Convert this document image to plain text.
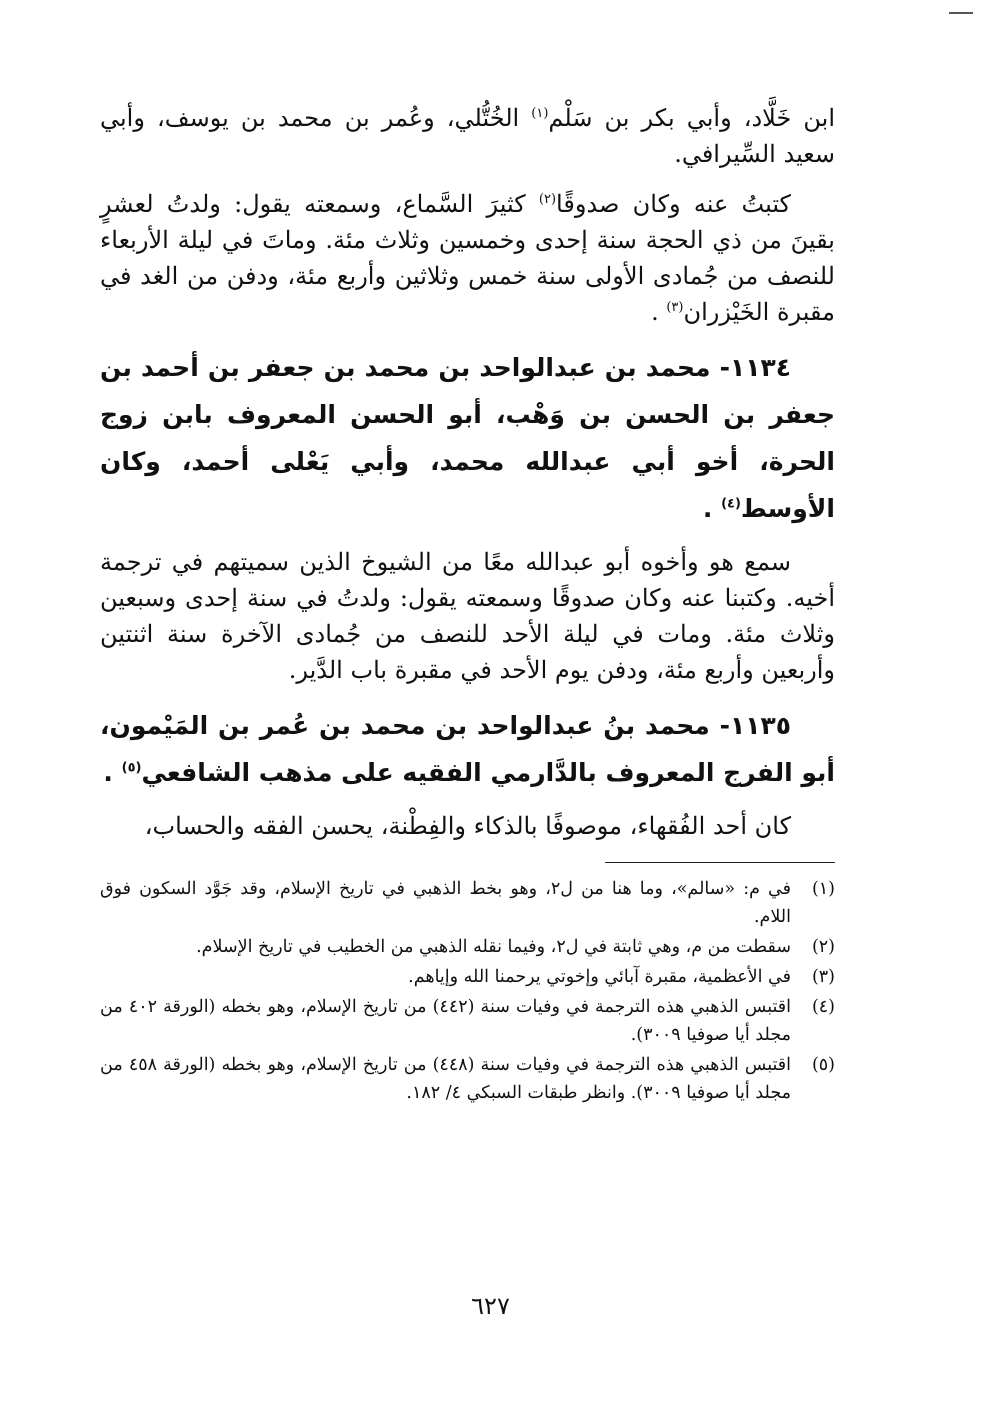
ابن خَلَّاد، وأبي بكر بن سَلْم$^{(١)}$ الخُتُّلي، وعُمر بن محمد بن يوسف، وأبي سعيد السِّيرافي.

كتبتُ عنه وكان صدوقًا$^{(٢)}$ كثيرَ السَّماع، وسمعته يقول: ولدتُ لعشرٍ بقينَ من ذي الحجة سنة إحدى وخمسين وثلاث مئة. وماتَ في ليلة الأربعاء للنصف من جُمادى الأولى سنة خمس وثلاثين وأربع مئة، ودفن من الغد في مقبرة الخَيْزران$^{(٣)}$ .

١١٣٤- محمد بن عبدالواحد بن محمد بن جعفر بن أحمد بن جعفر بن الحسن بن وَهْب، أبو الحسن المعروف بابن زوج الحرة، أخو أبي عبدالله محمد، وأبي يَعْلى أحمد، وكان الأوسط$^{(٤)}$ .

سمع هو وأخوه أبو عبدالله معًا من الشيوخ الذين سميتهم في ترجمة أخيه. وكتبنا عنه وكان صدوقًا وسمعته يقول: ولدتُ في سنة إحدى وسبعين وثلاث مئة. ومات في ليلة الأحد للنصف من جُمادى الآخرة سنة اثنتين وأربعين وأربع مئة، ودفن يوم الأحد في مقبرة باب الدَّير.

١١٣٥- محمد بنُ عبدالواحد بن محمد بن عُمر بن المَيْمون، أبو الفرج المعروف بالدَّارمي الفقيه على مذهب الشافعي$^{(٥)}$ .

كان أحد الفُقهاء، موصوفًا بالذكاء والفِطْنة، يحسن الفقه والحساب،

(١)
في م: «سالم»، وما هنا من ل٢، وهو بخط الذهبي في تاريخ الإسلام، وقد جَوَّد السكون فوق اللام.
(٢)
سقطت من م، وهي ثابتة في ل٢، وفيما نقله الذهبي من الخطيب في تاريخ الإسلام.
(٣)
في الأعظمية، مقبرة آبائي وإخوتي يرحمنا الله وإياهم.
(٤)
اقتبس الذهبي هذه الترجمة في وفيات سنة (٤٤٢) من تاريخ الإسلام، وهو بخطه (الورقة ٤٠٢ من مجلد أيا صوفيا ٣٠٠٩).
(٥)
اقتبس الذهبي هذه الترجمة في وفيات سنة (٤٤٨) من تاريخ الإسلام، وهو بخطه (الورقة ٤٥٨ من مجلد أيا صوفيا ٣٠٠٩). وانظر طبقات السبكي ٤/ ١٨٢.
٦٢٧
